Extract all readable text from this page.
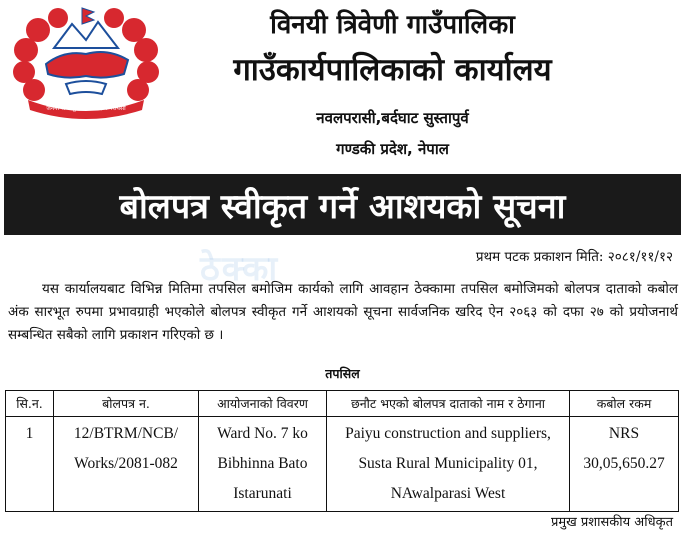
जननी जन्मभूमिश्च स्वर्गादपि गरीयसी
विनयी त्रिवेणी गाउँपालिका
गाउँकार्यपालिकाको कार्यालय
नवलपरासी,बर्दघाट सुस्तापुर्व
गण्डकी प्रदेश, नेपाल
बोलपत्र स्वीकृत गर्ने आशयको सूचना
ठेक्का	प्रथम पटक प्रकाशन मिति: २०८१/११/१२
यस कार्यालयबाट विभिन्न मितिमा तपसिल बमोजिम कार्यको लागि आवहान ठेक्कामा तपसिल बमोजिमको बोलपत्र दाताको कबोल अंक सारभूत रुपमा प्रभावग्राही भएकोले बोलपत्र स्वीकृत गर्ने आशयको सूचना सार्वजनिक खरिद ऐन २०६३ को दफा २७ को प्रयोजनार्थ सम्बन्धित सबैको लागि प्रकाशन गरिएको छ ।
तपसिल
सि.न.	बोलपत्र न.	आयोजनाको विवरण	छनौट भएको बोलपत्र दाताको नाम र ठेगाना	कबोल रकम
1	12/BTRM/NCB/ Works/2081-082	Ward No. 7 ko Bibhinna Bato Istarunati	Paiyu construction and suppliers, Susta Rural Municipality 01, NAwalparasi West	NRS 30,05,650.27
प्रमुख प्रशासकीय अधिकृत
